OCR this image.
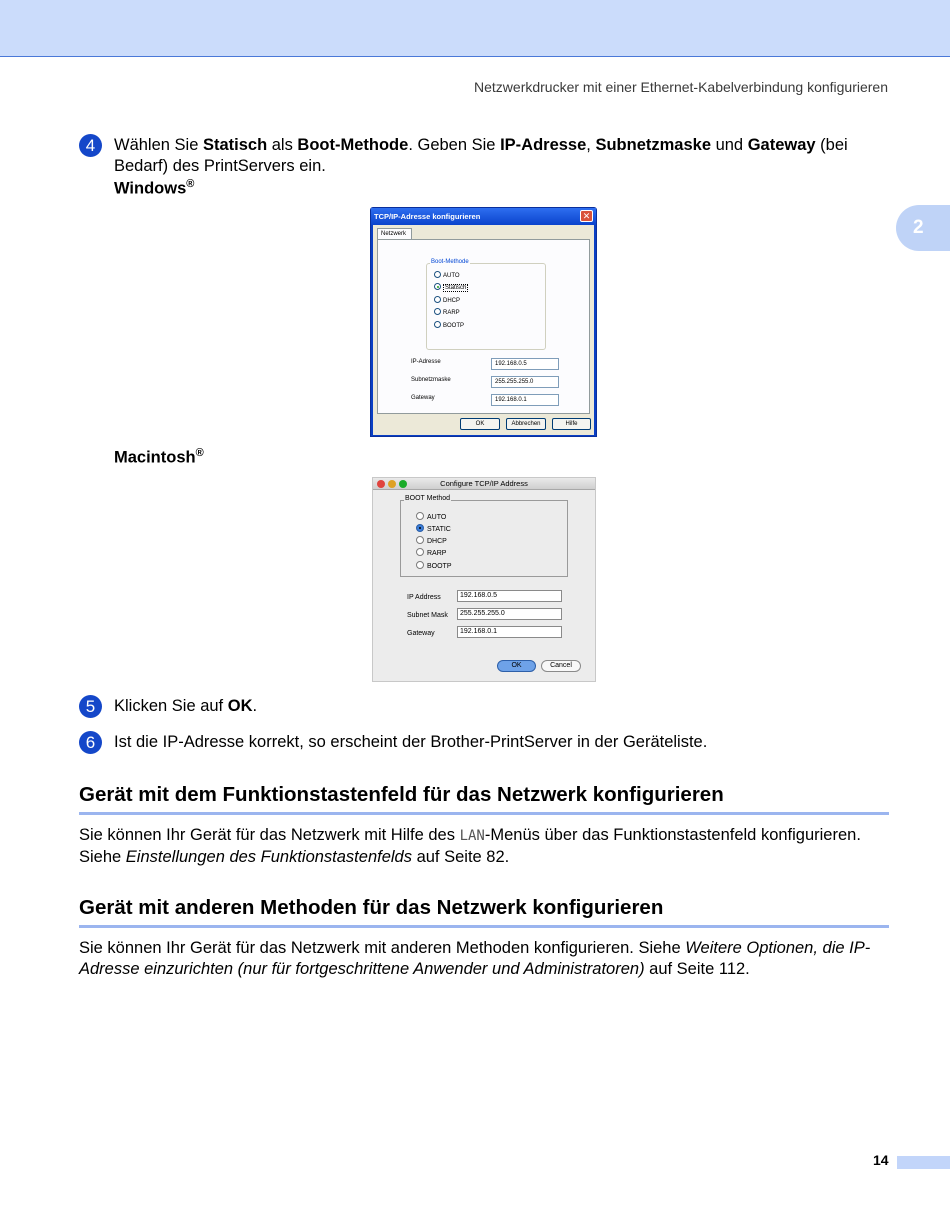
Netzwerkdrucker mit einer Ethernet-Kabelverbindung konfigurieren
2
4	Wählen Sie Statisch als Boot-Methode. Geben Sie IP-Adresse, Subnetzmaske und Gateway (bei
Bedarf) des PrintServers ein.
Windows®
TCP/IP-Adresse konfigurieren	✕
Netzwerk
Boot-Methode
AUTO
Statisch
DHCP
RARP
BOOTP
IP-Adresse	192.168.0.5
Subnetzmaske	255.255.255.0
Gateway	192.168.0.1
OK	Abbrechen	Hilfe
Macintosh®
Configure TCP/IP Address
BOOT Method
AUTO
STATIC
DHCP
RARP
BOOTP
IP Address	192.168.0.5
Subnet Mask	255.255.255.0
Gateway	192.168.0.1
OK	Cancel
5	Klicken Sie auf OK.
6	Ist die IP-Adresse korrekt, so erscheint der Brother-PrintServer in der Geräteliste.
Gerät mit dem Funktionstastenfeld für das Netzwerk konfigurieren
Sie können Ihr Gerät für das Netzwerk mit Hilfe des LAN-Menüs über das Funktionstastenfeld konfigurieren.
Siehe Einstellungen des Funktionstastenfelds auf Seite 82.
Gerät mit anderen Methoden für das Netzwerk konfigurieren
Sie können Ihr Gerät für das Netzwerk mit anderen Methoden konfigurieren. Siehe Weitere Optionen, die IP-
Adresse einzurichten (nur für fortgeschrittene Anwender und Administratoren) auf Seite 112.
14
